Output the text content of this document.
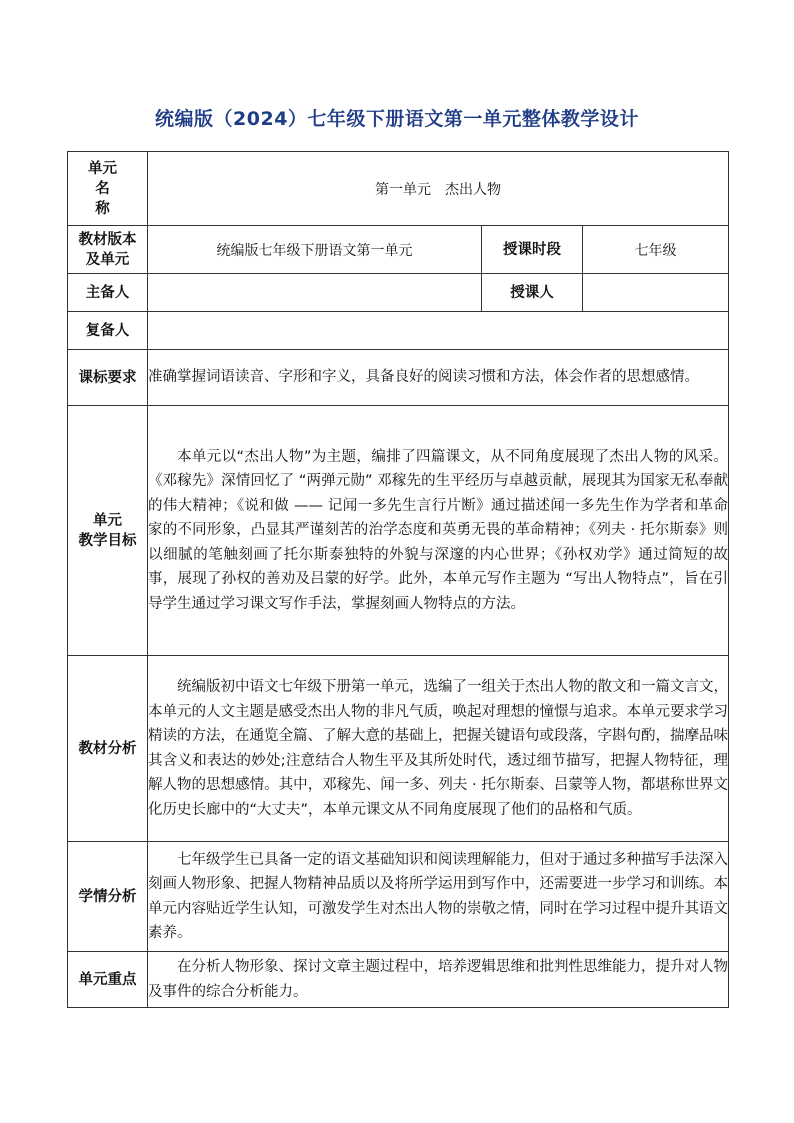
统编版（2024）七年级下册语文第一单元整体教学设计
单元
名
称	第一单元　杰出人物		

教材版本
及单元	统编版七年级下册语文第一单元	授课时段	七年级
主备人		授课人	
复备人			
课标要求	准确掌握词语读音、字形和字义，具备良好的阅读习惯和方法，体会作者的思想感情。		

单元
教学目标	本单元以“杰出人物”为主题，编排了四篇课文，从不同角度展现了杰出人物的风采。《邓稼先》深情回忆了 “两弹元勋” 邓稼先的生平经历与卓越贡献，展现其为国家无私奉献的伟大精神；《说和做 —— 记闻一多先生言行片断》通过描述闻一多先生作为学者和革命家的不同形象，凸显其严谨刻苦的治学态度和英勇无畏的革命精神；《列夫 · 托尔斯泰》则以细腻的笔触刻画了托尔斯泰独特的外貌与深邃的内心世界；《孙权劝学》通过简短的故事，展现了孙权的善劝及吕蒙的好学。此外，本单元写作主题为 “写出人物特点”，旨在引导学生通过学习课文写作手法，掌握刻画人物特点的方法。		

教材分析	统编版初中语文七年级下册第一单元，选编了一组关于杰出人物的散文和一篇文言文，本单元的人文主题是感受杰出人物的非凡气质，唤起对理想的憧憬与追求。本单元要求学习精读的方法，在通览全篇、了解大意的基础上，把握关键语句或段落，字斟句酌，揣摩品味其含义和表达的妙处;注意结合人物生平及其所处时代，透过细节描写，把握人物特征，理解人物的思想感情。其中，邓稼先、闻一多、列夫 · 托尔斯泰、吕蒙等人物，都堪称世界文化历史长廊中的“大丈夫”，本单元课文从不同角度展现了他们的品格和气质。		

学情分析	七年级学生已具备一定的语文基础知识和阅读理解能力，但对于通过多种描写手法深入刻画人物形象、把握人物精神品质以及将所学运用到写作中，还需要进一步学习和训练。本单元内容贴近学生认知，可激发学生对杰出人物的崇敬之情，同时在学习过程中提升其语文素养。		

单元重点	在分析人物形象、探讨文章主题过程中，培养逻辑思维和批判性思维能力，提升对人物及事件的综合分析能力。		
